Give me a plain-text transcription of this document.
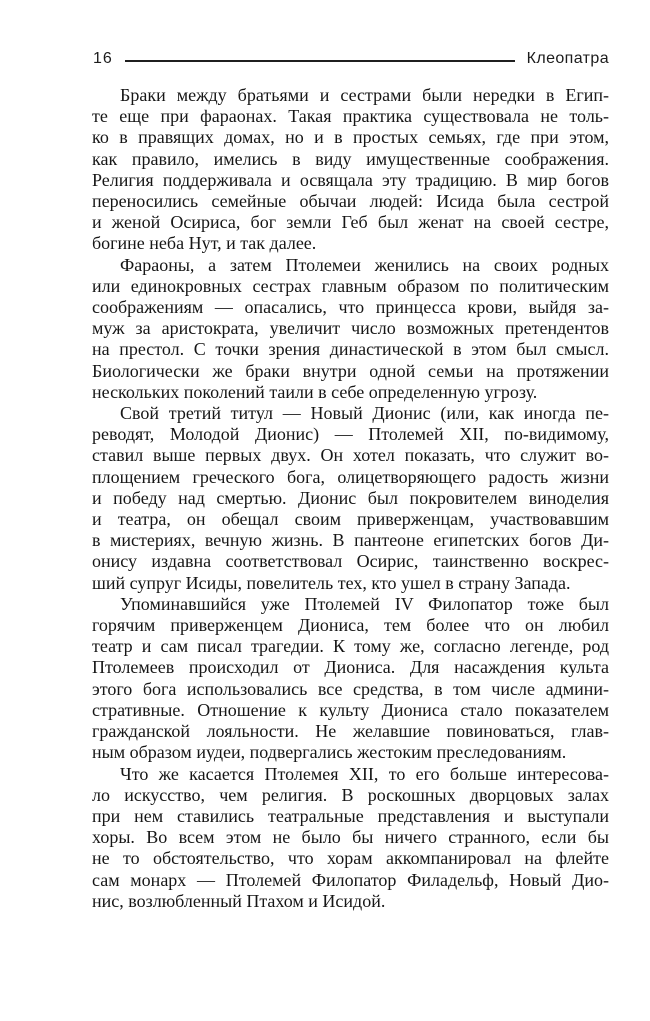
16	Клеопатра
Браки между братьями и сестрами были нередки в Егип-
те еще при фараонах. Такая практика существовала не толь-
ко в правящих домах, но и в простых семьях, где при этом,
как правило, имелись в виду имущественные соображения.
Религия поддерживала и освящала эту традицию. В мир богов
переносились семейные обычаи людей: Исида была сестрой
и женой Осириса, бог земли Геб был женат на своей сестре,
богине неба Нут, и так далее.
Фараоны, а затем Птолемеи женились на своих родных
или единокровных сестрах главным образом по политическим
соображениям — опасались, что принцесса крови, выйдя за-
муж за аристократа, увеличит число возможных претендентов
на престол. С точки зрения династической в этом был смысл.
Биологически же браки внутри одной семьи на протяжении
нескольких поколений таили в себе определенную угрозу.
Свой третий титул — Новый Дионис (или, как иногда пе-
реводят, Молодой Дионис) — Птолемей XII, по-видимому,
ставил выше первых двух. Он хотел показать, что служит во-
площением греческого бога, олицетворяющего радость жизни
и победу над смертью. Дионис был покровителем виноделия
и театра, он обещал своим приверженцам, участвовавшим
в мистериях, вечную жизнь. В пантеоне египетских богов Ди-
онису издавна соответствовал Осирис, таинственно воскрес-
ший супруг Исиды, повелитель тех, кто ушел в страну Запада.
Упоминавшийся уже Птолемей IV Филопатор тоже был
горячим приверженцем Диониса, тем более что он любил
театр и сам писал трагедии. К тому же, согласно легенде, род
Птолемеев происходил от Диониса. Для насаждения культа
этого бога использовались все средства, в том числе админи-
стративные. Отношение к культу Диониса стало показателем
гражданской лояльности. Не желавшие повиноваться, глав-
ным образом иудеи, подвергались жестоким преследованиям.
Что же касается Птолемея XII, то его больше интересова-
ло искусство, чем религия. В роскошных дворцовых залах
при нем ставились театральные представления и выступали
хоры. Во всем этом не было бы ничего странного, если бы
не то обстоятельство, что хорам аккомпанировал на флейте
сам монарх — Птолемей Филопатор Филадельф, Новый Дио-
нис, возлюбленный Птахом и Исидой.
